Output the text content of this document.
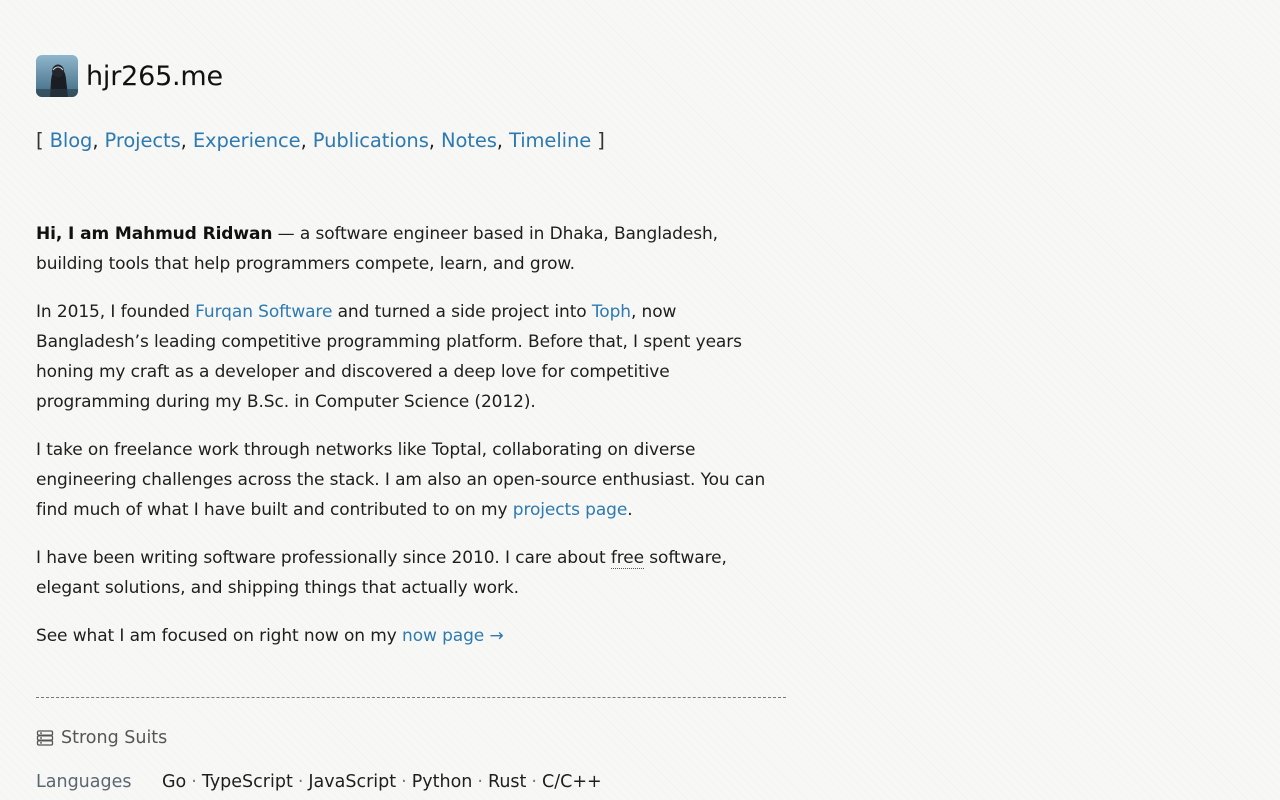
hjr265.me
[ Blog, Projects, Experience, Publications, Notes, Timeline ]

Hi, I am Mahmud Ridwan — a software engineer based in Dhaka, Bangladesh, building tools that help programmers compete, learn, and grow.

In 2015, I founded Furqan Software and turned a side project into Toph, now Bangladesh’s leading competitive programming platform. Before that, I spent years honing my craft as a developer and discovered a deep love for competitive programming during my B.Sc. in Computer Science (2012).

I take on freelance work through networks like Toptal, collaborating on diverse engineering challenges across the stack. I am also an open-source enthusiast. You can find much of what I have built and contributed to on my projects page.

I have been writing software professionally since 2010. I care about free software, elegant solutions, and shipping things that actually work.

See what I am focused on right now on my now page →

Strong Suits
Languages	Go · TypeScript · JavaScript · Python · Rust · C/C++
